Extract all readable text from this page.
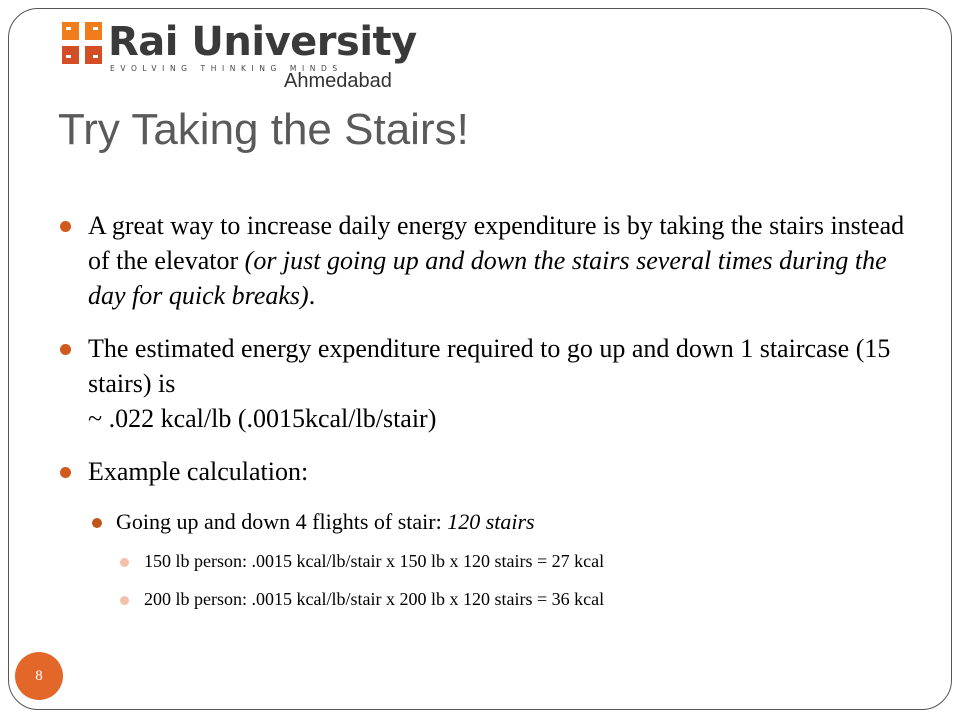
Rai University
EVOLVING THINKING MINDS
Ahmedabad
Try Taking the Stairs!
A great way to increase daily energy expenditure is by taking the stairs instead of the elevator (or just going up and down the stairs several times during the day for quick breaks).
The estimated energy expenditure required to go up and down 1 staircase (15 stairs) is
~ .022 kcal/lb (.0015kcal/lb/stair)
Example calculation:
Going up and down 4 flights of stair: 120 stairs
150 lb person: .0015 kcal/lb/stair x 150 lb x 120 stairs = 27 kcal
200 lb person: .0015 kcal/lb/stair x 200 lb x 120 stairs = 36 kcal
8
